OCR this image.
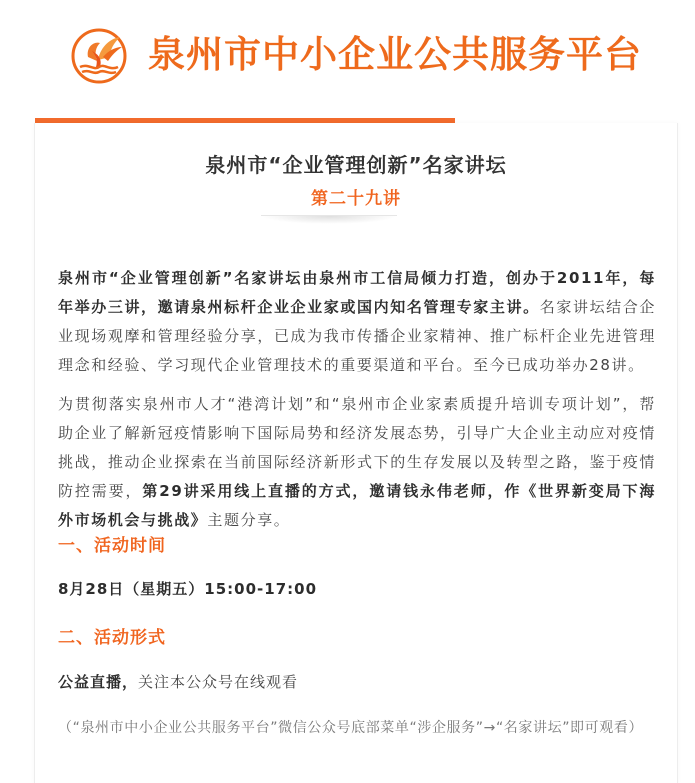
泉州市中小企业公共服务平台
泉州市“企业管理创新”名家讲坛
第二十九讲
泉州市“企业管理创新”名家讲坛由泉州市工信局倾力打造，创办于2011年，每年举办三讲，邀请泉州标杆企业企业家或国内知名管理专家主讲。名家讲坛结合企业现场观摩和管理经验分享，已成为我市传播企业家精神、推广标杆企业先进管理理念和经验、学习现代企业管理技术的重要渠道和平台。至今已成功举办28讲。
为贯彻落实泉州市人才“港湾计划”和“泉州市企业家素质提升培训专项计划”，帮助企业了解新冠疫情影响下国际局势和经济发展态势，引导广大企业主动应对疫情挑战，推动企业探索在当前国际经济新形式下的生存发展以及转型之路，鉴于疫情防控需要，第29讲采用线上直播的方式，邀请钱永伟老师，作《世界新变局下海外市场机会与挑战》主题分享。
一、活动时间
8月28日（星期五）15:00-17:00
二、活动形式
公益直播，关注本公众号在线观看
（“泉州市中小企业公共服务平台”微信公众号底部菜单“涉企服务”→“名家讲坛”即可观看）
